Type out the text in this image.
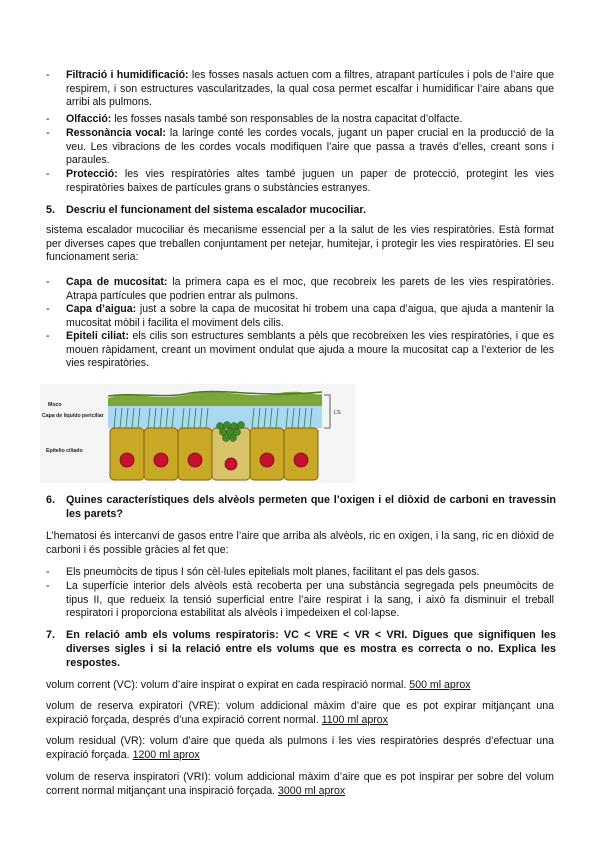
- Filtració i humidificació: les fosses nasals actuen com a filtres, atrapant partícules i pols de l’aire que respirem, i son estructures vascularitzades, la qual cosa permet escalfar i humidificar l’aire abans que arribi als pulmons.
- Olfacció: les fosses nasals també son responsables de la nostra capacitat d’olfacte.
- Ressonància vocal: la laringe conté les cordes vocals, jugant un paper crucial en la producció de la veu. Les vibracions de les cordes vocals modifiquen l’aire que passa a través d’elles, creant sons i paraules.
- Protecció: les vies respiratòries altes també juguen un paper de protecció, protegint les vies respiratòries baixes de partícules grans o substàncies estranyes.
5. Descriu el funcionament del sistema escalador mucociliar.
sistema escalador mucociliar és mecanisme essencial per a la salut de les vies respiratòries. Està format per diverses capes que treballen conjuntament per netejar, humitejar, i protegir les vies respiratòries. El seu funcionament seria:
- Capa de mucositat: la primera capa es el moc, que recobreix les parets de les vies respiratòries. Atrapa partícules que podrien entrar als pulmons.
- Capa d’aigua: just a sobre la capa de mucositat hi trobem una capa d’aigua, que ajuda a mantenir la mucositat mòbil i facilita el moviment dels cilis.
- Epiteli ciliat: els cilis son estructures semblants a pèls que recobreixen les vies respiratòries, i que es mouen ràpidament, creant un moviment ondulat que ajuda a moure la mucositat cap a l’exterior de les vies respiratòries.
LS
Moco
Capa de líquido periciliar
Epitelio ciliado
6. Quines característiques dels alvèols permeten que l’oxigen i el diòxid de carboni en travessin les parets?
L’hematosi és intercanvi de gasos entre l’aire que arriba als alvèols, ric en oxigen, i la sang, ric en diòxid de carboni i és possible gràcies al fet que:
- Els pneumòcits de tipus I són cèl·lules epitelials molt planes, facilitant el pas dels gasos.
- La superfície interior dels alvèols està recoberta per una substància segregada pels pneumòcits de tipus II, que redueix la tensió superficial entre l’aire respirat i la sang, i això fa disminuir el treball respiratori i proporciona estabilitat als alvèols i impedeixen el col·lapse.
7. En relació amb els volums respiratoris: VC < VRE < VR < VRI. Digues que signifiquen les diverses sigles i si la relació entre els volums que es mostra es correcta o no. Explica les respostes.
volum corrent (VC): volum d’aire inspirat o expirat en cada respiració normal. 500 ml aprox
volum de reserva expiratori (VRE): volum addicional màxim d’aire que es pot expirar mitjançant una expiració forçada, després d’una expiració corrent normal. 1100 ml aprox
volum residual (VR): volum d’aire que queda als pulmons i les vies respiratòries després d’efectuar una expiració forçada. 1200 ml aprox
volum de reserva inspiratori (VRI): volum addicional màxim d’aire que es pot inspirar per sobre del volum corrent normal mitjançant una inspiració forçada. 3000 ml aprox
